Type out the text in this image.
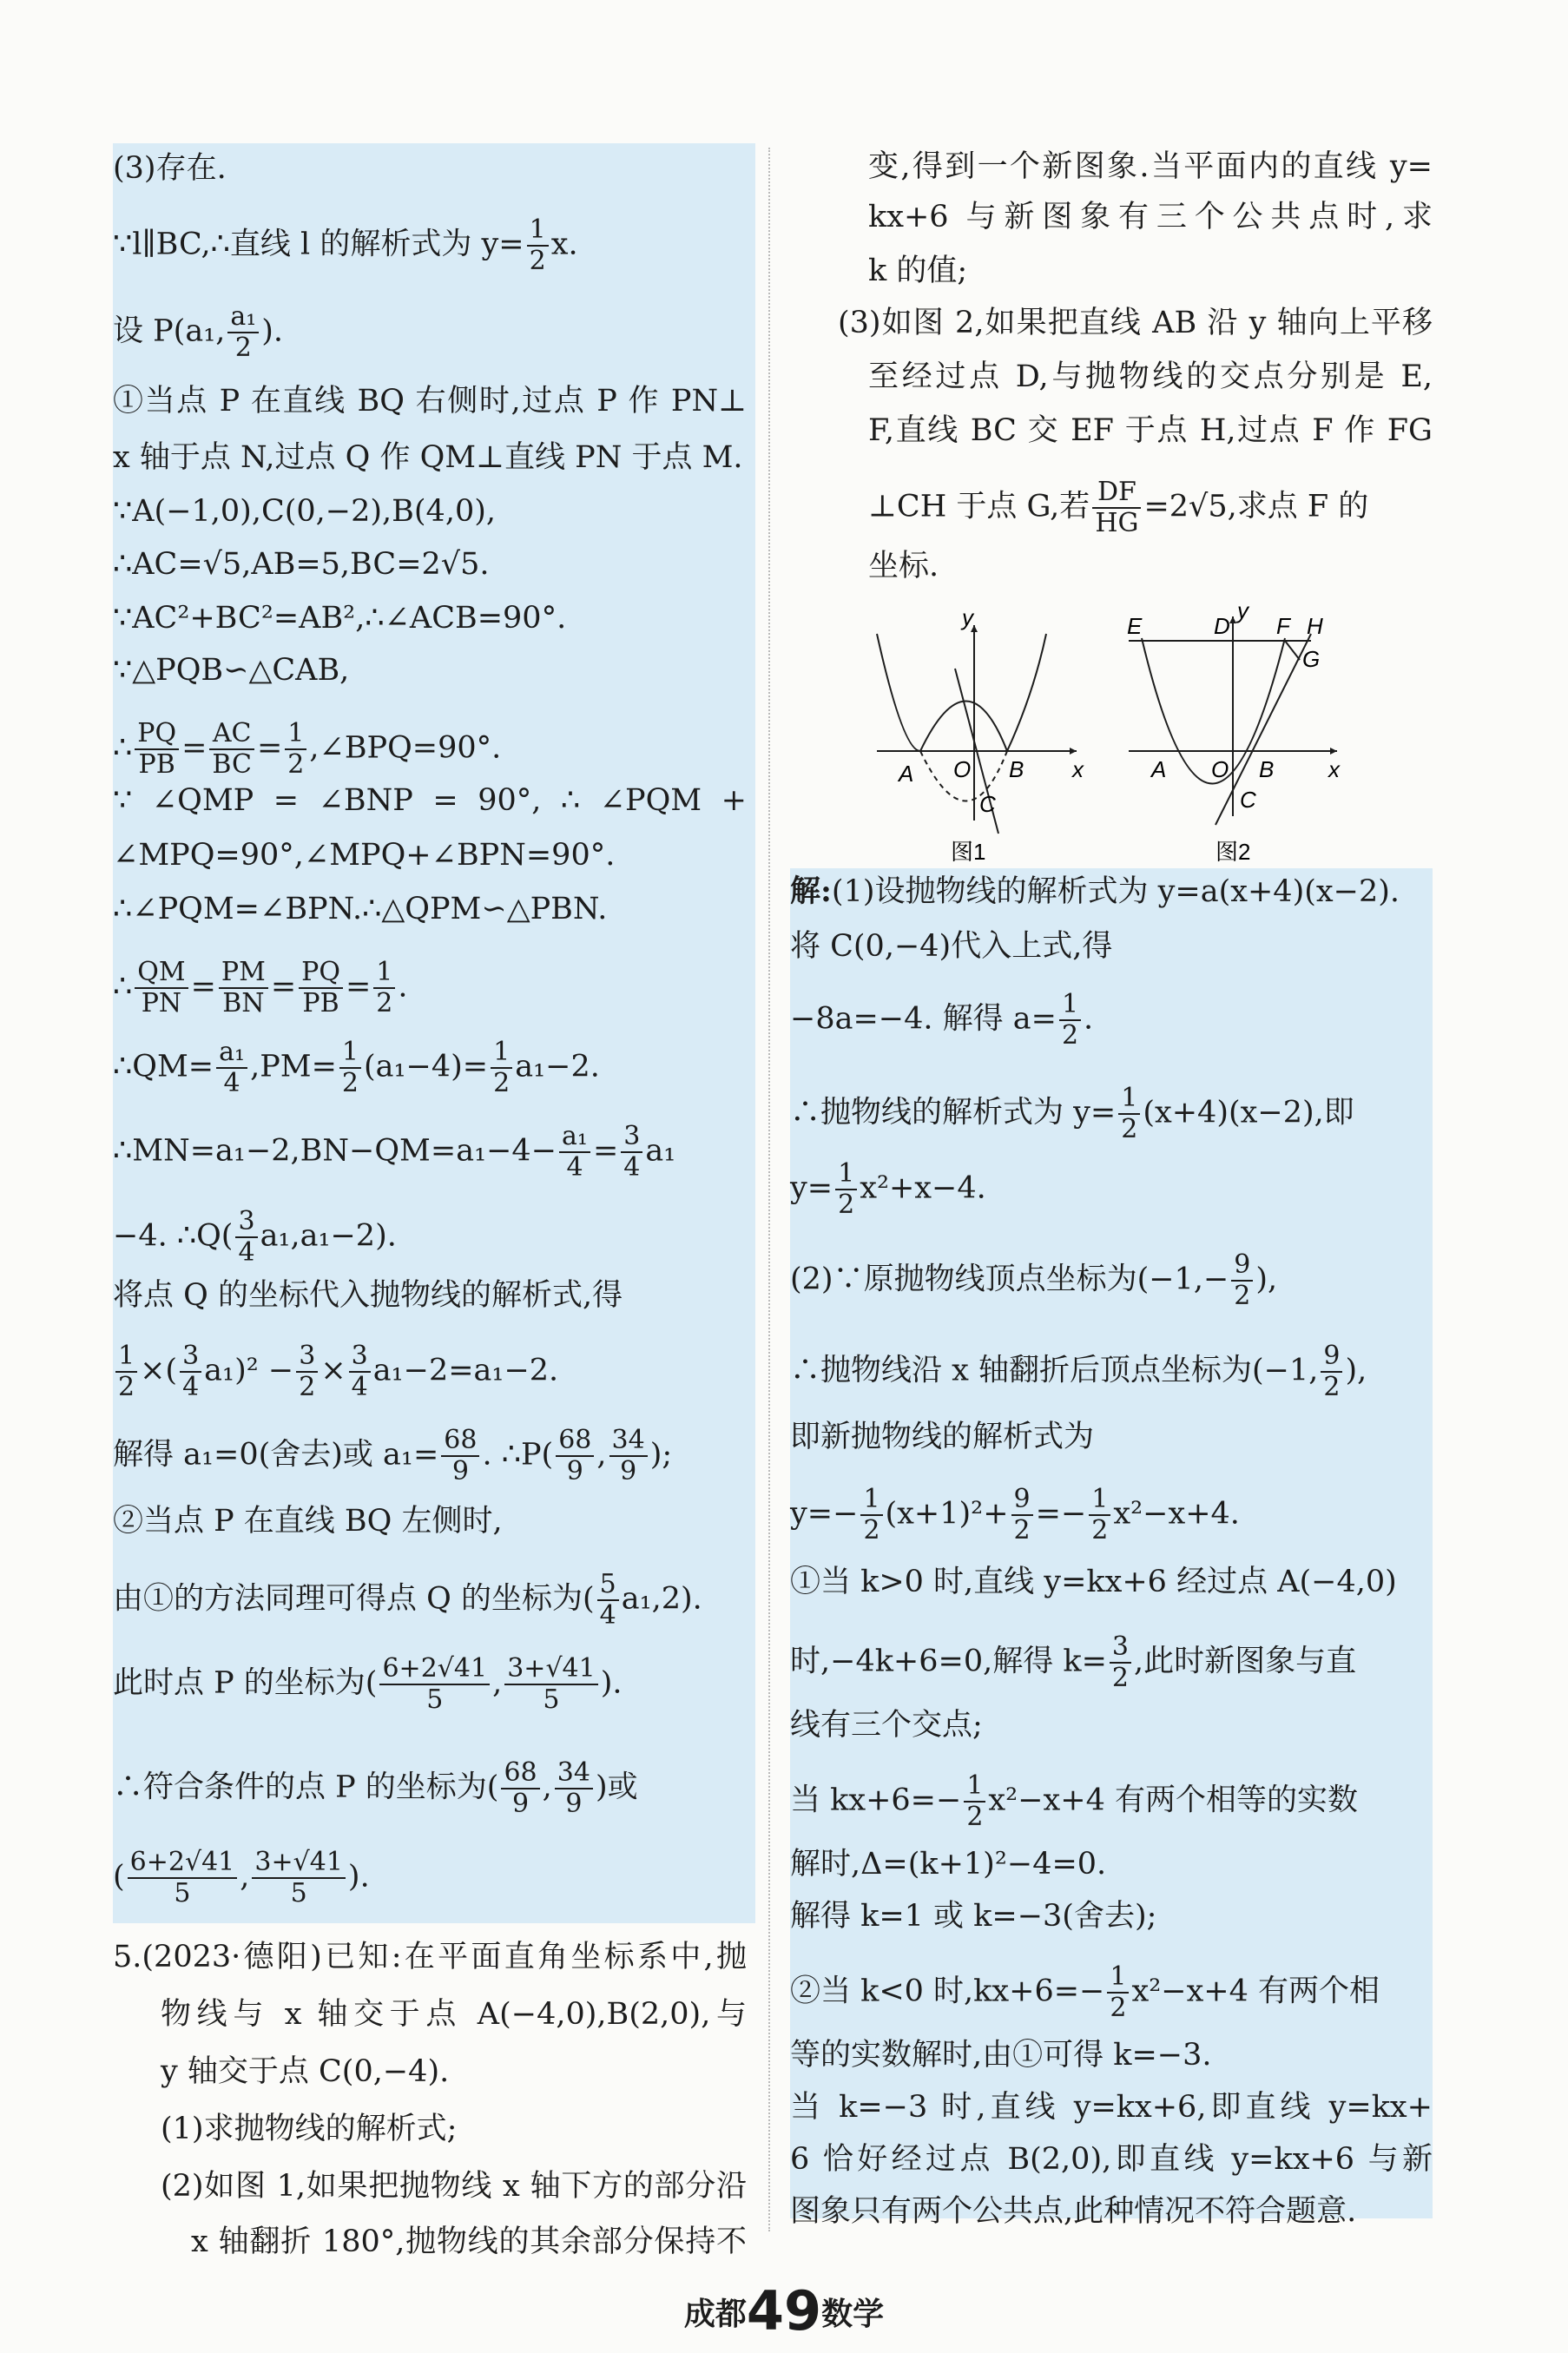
(3)存在.
∵l∥BC,∴直线 l 的解析式为 $y= \frac{1}{2} x$.
设 P(a₁, $\frac{\text{a₁}}{2}$ ).
①当点 P 在直线 BQ 右侧时,过点 P 作 PN⊥
x 轴于点 N,过点 Q 作 QM⊥直线 PN 于点 M.
∵A(−1,0),C(0,−2),B(4,0),
∴AC=√5,AB=5,BC=2√5.
∵AC²+BC²=AB²,∴∠ACB=90°.
∵△PQB∽△CAB,
∴ $\frac{PQ}{PB} = \frac{AC}{BC} = \frac{1}{2}$ ,∠BPQ=90°.
∵ ∠QMP = ∠BNP = 90°, ∴ ∠PQM +
∠MPQ=90°,∠MPQ+∠BPN=90°.
∴∠PQM=∠BPN.∴△QPM∽△PBN.
∴ $\frac{QM}{PN} = \frac{PM}{BN} = \frac{PQ}{PB} = \frac{1}{2}$ .
∴QM= $\frac{\text{a₁}}{4} ,PM= \frac{1}{2} (a_1-4)= \frac{1}{2} a_1-2$.
∴MN=a₁−2,BN−QM=a₁−4− $\frac{\text{a₁}}{4} = \frac{3}{4} a_1$
−4. ∴Q( $\frac{3}{4} a_1,a_1-2$).
将点 Q 的坐标代入抛物线的解析式,得
$\frac{1}{2}$ ×( $\frac{3}{4} a_1)^2 - \frac{3}{2} \times \frac{3}{4} a_1-2=a_1-2$.
解得 a₁=0(舍去)或 $a_1= \frac{68}{9}$ . ∴P( $\frac{68}{9}$ , $\frac{34}{9}$ );
②当点 P 在直线 BQ 左侧时,
由①的方法同理可得点 Q 的坐标为( $\frac{5}{4} a_1,2$).
此时点 P 的坐标为( $\frac{6+2√41}{5}$ , $\frac{3+√41}{5}$ ).
∴符合条件的点 P 的坐标为( $\frac{68}{9}$ , $\frac{34}{9}$ )或
( $\frac{6+2√41}{5}$ , $\frac{3+√41}{5}$ ).
5.(2023·德阳)已知:在平面直角坐标系中,抛
物线与 x 轴交于点 A(−4,0),B(2,0),与
y 轴交于点 C(0,−4).
(1)求抛物线的解析式;
(2)如图 1,如果把抛物线 x 轴下方的部分沿
x 轴翻折 180°,抛物线的其余部分保持不
变,得到一个新图象.当平面内的直线 y=
kx+6 与新图象有三个公共点时,求
k 的值;
(3)如图 2,如果把直线 AB 沿 y 轴向上平移
至经过点 D,与抛物线的交点分别是 E,
F,直线 BC 交 EF 于点 H,过点 F 作 FG
⊥CH 于点 G,若 $\frac{DF}{HG} =2√5$,求点 F 的
坐标.
解:(1)设抛物线的解析式为 y=a(x+4)(x−2).
将 C(0,−4)代入上式,得
−8a=−4. 解得 $a= \frac{1}{2}$ .
∴抛物线的解析式为 $y= \frac{1}{2} (x+4)(x-2)$,即
$y= \frac{1}{2} x^2+x-4$.
(2)∵原抛物线顶点坐标为($-1,- \frac{9}{2}$ ),
∴抛物线沿 x 轴翻折后顶点坐标为(−1, $\frac{9}{2}$ ),
即新抛物线的解析式为
$y=- \frac{1}{2} (x+1)^2+ \frac{9}{2} =- \frac{1}{2} x^2-x+4$.
①当 k>0 时,直线 y=kx+6 经过点 A(−4,0)
时,−4k+6=0,解得 $k= \frac{3}{2}$ ,此时新图象与直
线有三个交点;
当 $kx+6=- \frac{1}{2} x^2-x+4$ 有两个相等的实数
解时,Δ=(k+1)²−4=0.
解得 k=1 或 k=−3(舍去);
②当 k<0 时$,kx+6=- \frac{1}{2} x^2-x+4$ 有两个相
等的实数解时,由①可得 k=−3.
当 k=−3 时,直线 y=kx+6,即直线 y=kx+
6 恰好经过点 B(2,0),即直线 y=kx+6 与新
图象只有两个公共点,此种情况不符合题意.
y
x
O
A	B
C
图1
y
x
O
A	B
C
E	D F H
G
图2
成都49数学
